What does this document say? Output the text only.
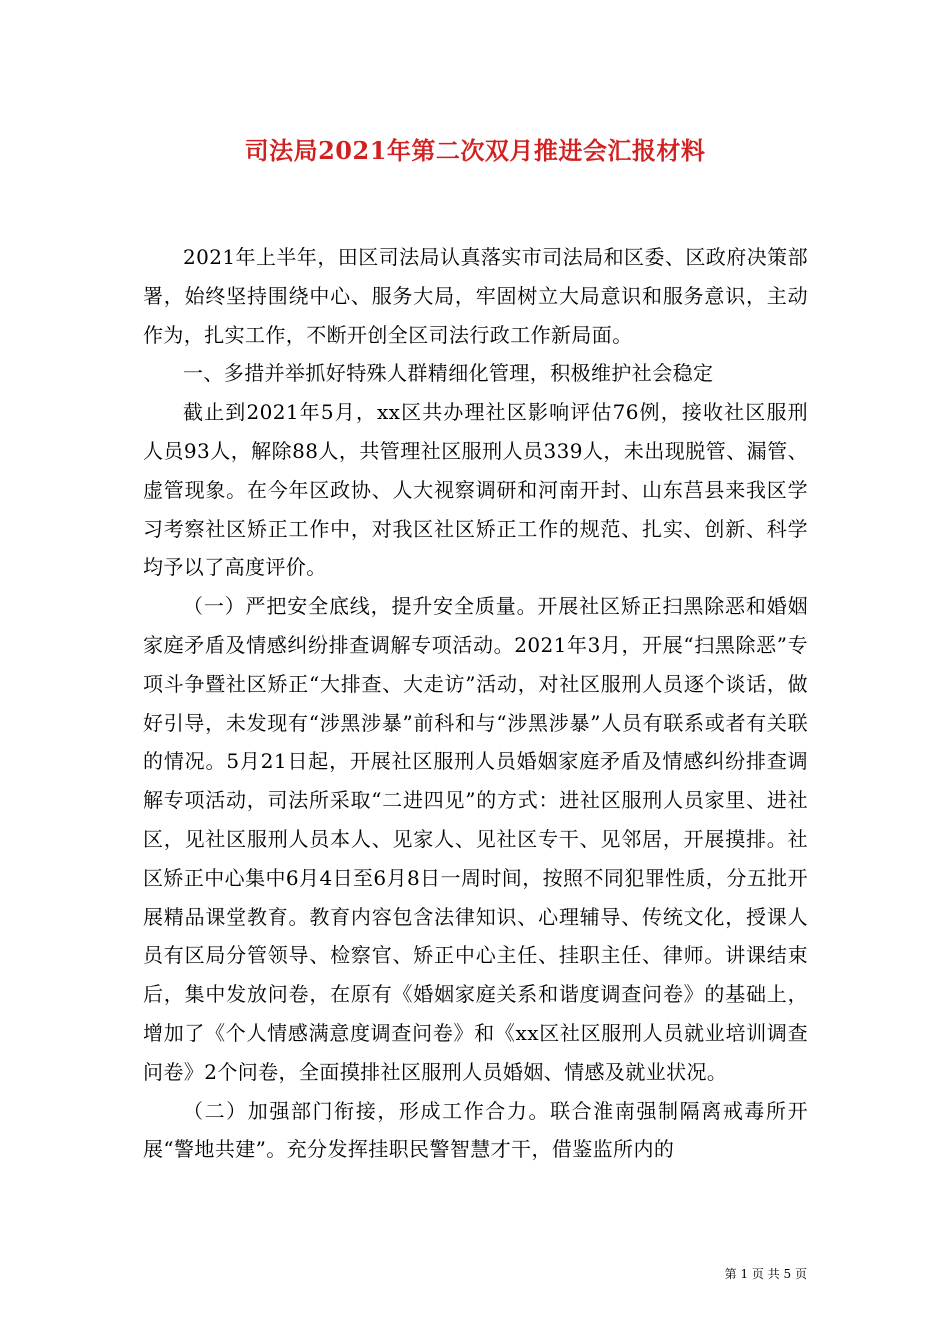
司法局2021年第二次双月推进会汇报材料

2021年上半年，田区司法局认真落实市司法局和区委、区政府决策部署，始终坚持围绕中心、服务大局，牢固树立大局意识和服务意识，主动作为，扎实工作，不断开创全区司法行政工作新局面。

一、多措并举抓好特殊人群精细化管理，积极维护社会稳定

截止到2021年5月，xx区共办理社区影响评估76例，接收社区服刑人员93人，解除88人，共管理社区服刑人员339人，未出现脱管、漏管、虚管现象。在今年区政协、人大视察调研和河南开封、山东莒县来我区学习考察社区矫正工作中，对我区社区矫正工作的规范、扎实、创新、科学均予以了高度评价。

（一）严把安全底线，提升安全质量。开展社区矫正扫黑除恶和婚姻家庭矛盾及情感纠纷排查调解专项活动。2021年3月，开展“扫黑除恶”专项斗争暨社区矫正“大排查、大走访”活动，对社区服刑人员逐个谈话，做好引导，未发现有“涉黑涉暴”前科和与“涉黑涉暴”人员有联系或者有关联的情况。5月21日起，开展社区服刑人员婚姻家庭矛盾及情感纠纷排查调解专项活动，司法所采取“二进四见”的方式：进社区服刑人员家里、进社区，见社区服刑人员本人、见家人、见社区专干、见邻居，开展摸排。社区矫正中心集中6月4日至6月8日一周时间，按照不同犯罪性质，分五批开展精品课堂教育。教育内容包含法律知识、心理辅导、传统文化，授课人员有区局分管领导、检察官、矫正中心主任、挂职主任、律师。讲课结束后，集中发放问卷，在原有《婚姻家庭关系和谐度调查问卷》的基础上，增加了《个人情感满意度调查问卷》和《xx区社区服刑人员就业培训调查问卷》2个问卷，全面摸排社区服刑人员婚姻、情感及就业状况。

（二）加强部门衔接，形成工作合力。联合淮南强制隔离戒毒所开展“警地共建”。充分发挥挂职民警智慧才干，借鉴监所内的

第 1 页 共 5 页
